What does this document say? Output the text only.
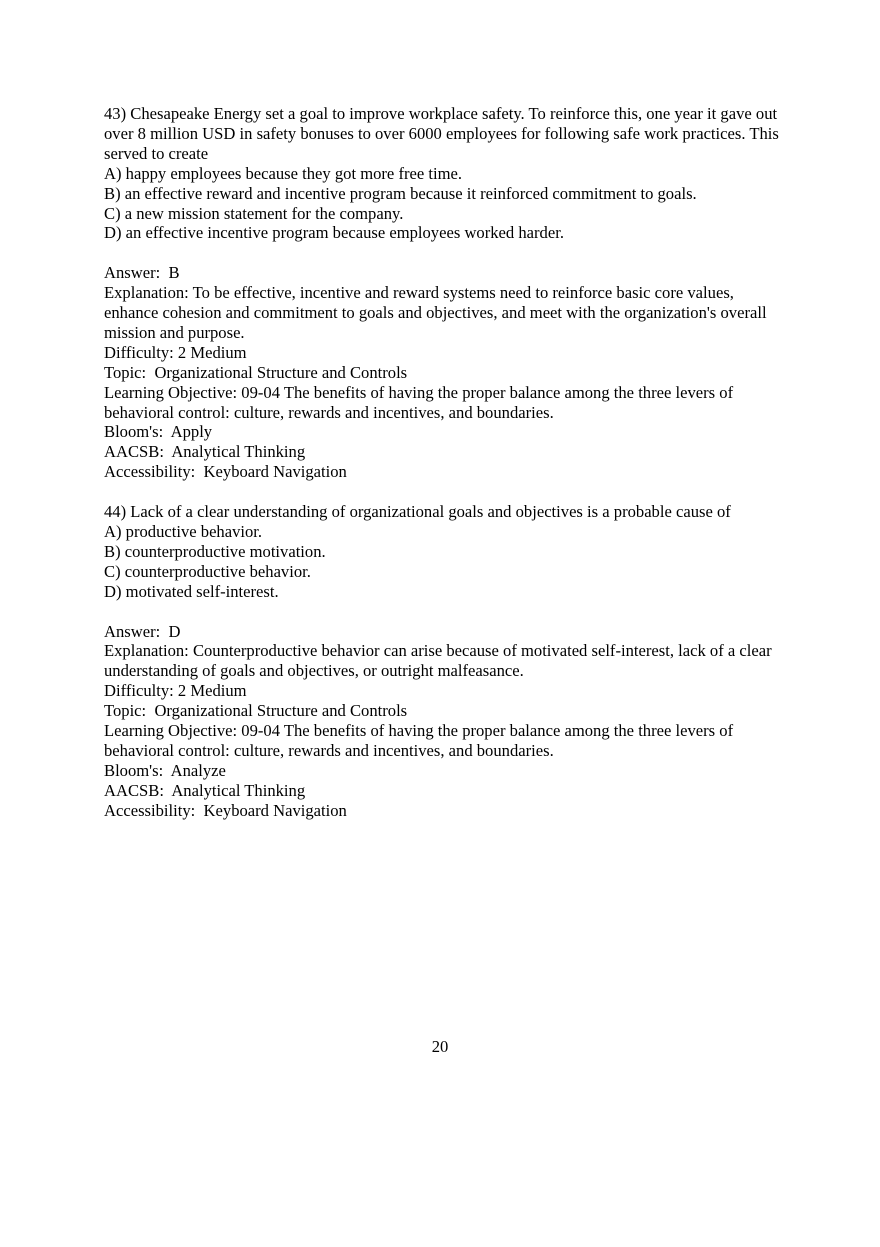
43) Chesapeake Energy set a goal to improve workplace safety. To reinforce this, one year it gave out over 8 million USD in safety bonuses to over 6000 employees for following safe work practices. This served to create

A) happy employees because they got more free time.

B) an effective reward and incentive program because it reinforced commitment to goals.

C) a new mission statement for the company.

D) an effective incentive program because employees worked harder.

Answer:  B

Explanation: To be effective, incentive and reward systems need to reinforce basic core values, enhance cohesion and commitment to goals and objectives, and meet with the organization's overall mission and purpose.

Difficulty: 2 Medium

Topic:  Organizational Structure and Controls

Learning Objective: 09-04 The benefits of having the proper balance among the three levers of behavioral control: culture, rewards and incentives, and boundaries.

Bloom's:  Apply

AACSB:  Analytical Thinking

Accessibility:  Keyboard Navigation

44) Lack of a clear understanding of organizational goals and objectives is a probable cause of

A) productive behavior.

B) counterproductive motivation.

C) counterproductive behavior.

D) motivated self-interest.

Answer:  D

Explanation: Counterproductive behavior can arise because of motivated self-interest, lack of a clear understanding of goals and objectives, or outright malfeasance.

Difficulty: 2 Medium

Topic:  Organizational Structure and Controls

Learning Objective: 09-04 The benefits of having the proper balance among the three levers of behavioral control: culture, rewards and incentives, and boundaries.

Bloom's:  Analyze

AACSB:  Analytical Thinking

Accessibility:  Keyboard Navigation

20
